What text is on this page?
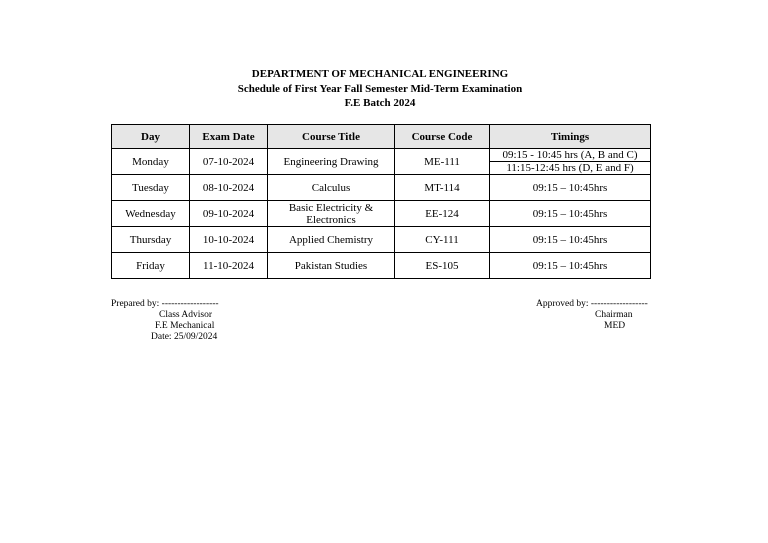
DEPARTMENT OF MECHANICAL ENGINEERING
Schedule of First Year Fall Semester Mid-Term Examination
F.E Batch 2024
Day	Exam Date	Course Title	Course Code	Timings
Monday	07-10-2024	Engineering Drawing	ME-111	09:15 - 10:45 hrs (A, B and C)
11:15-12:45 hrs (D, E and F)

Tuesday	08-10-2024	Calculus	MT-114	09:15 – 10:45hrs
Wednesday	09-10-2024	Basic Electricity &
Electronics	EE-124	09:15 – 10:45hrs
Thursday	10-10-2024	Applied Chemistry	CY-111	09:15 – 10:45hrs
Friday	11-10-2024	Pakistan Studies	ES-105	09:15 – 10:45hrs
Prepared by: ------------------
Class Advisor
F.E Mechanical
Date: 25/09/2024
Approved by: ------------------
Chairman
MED
